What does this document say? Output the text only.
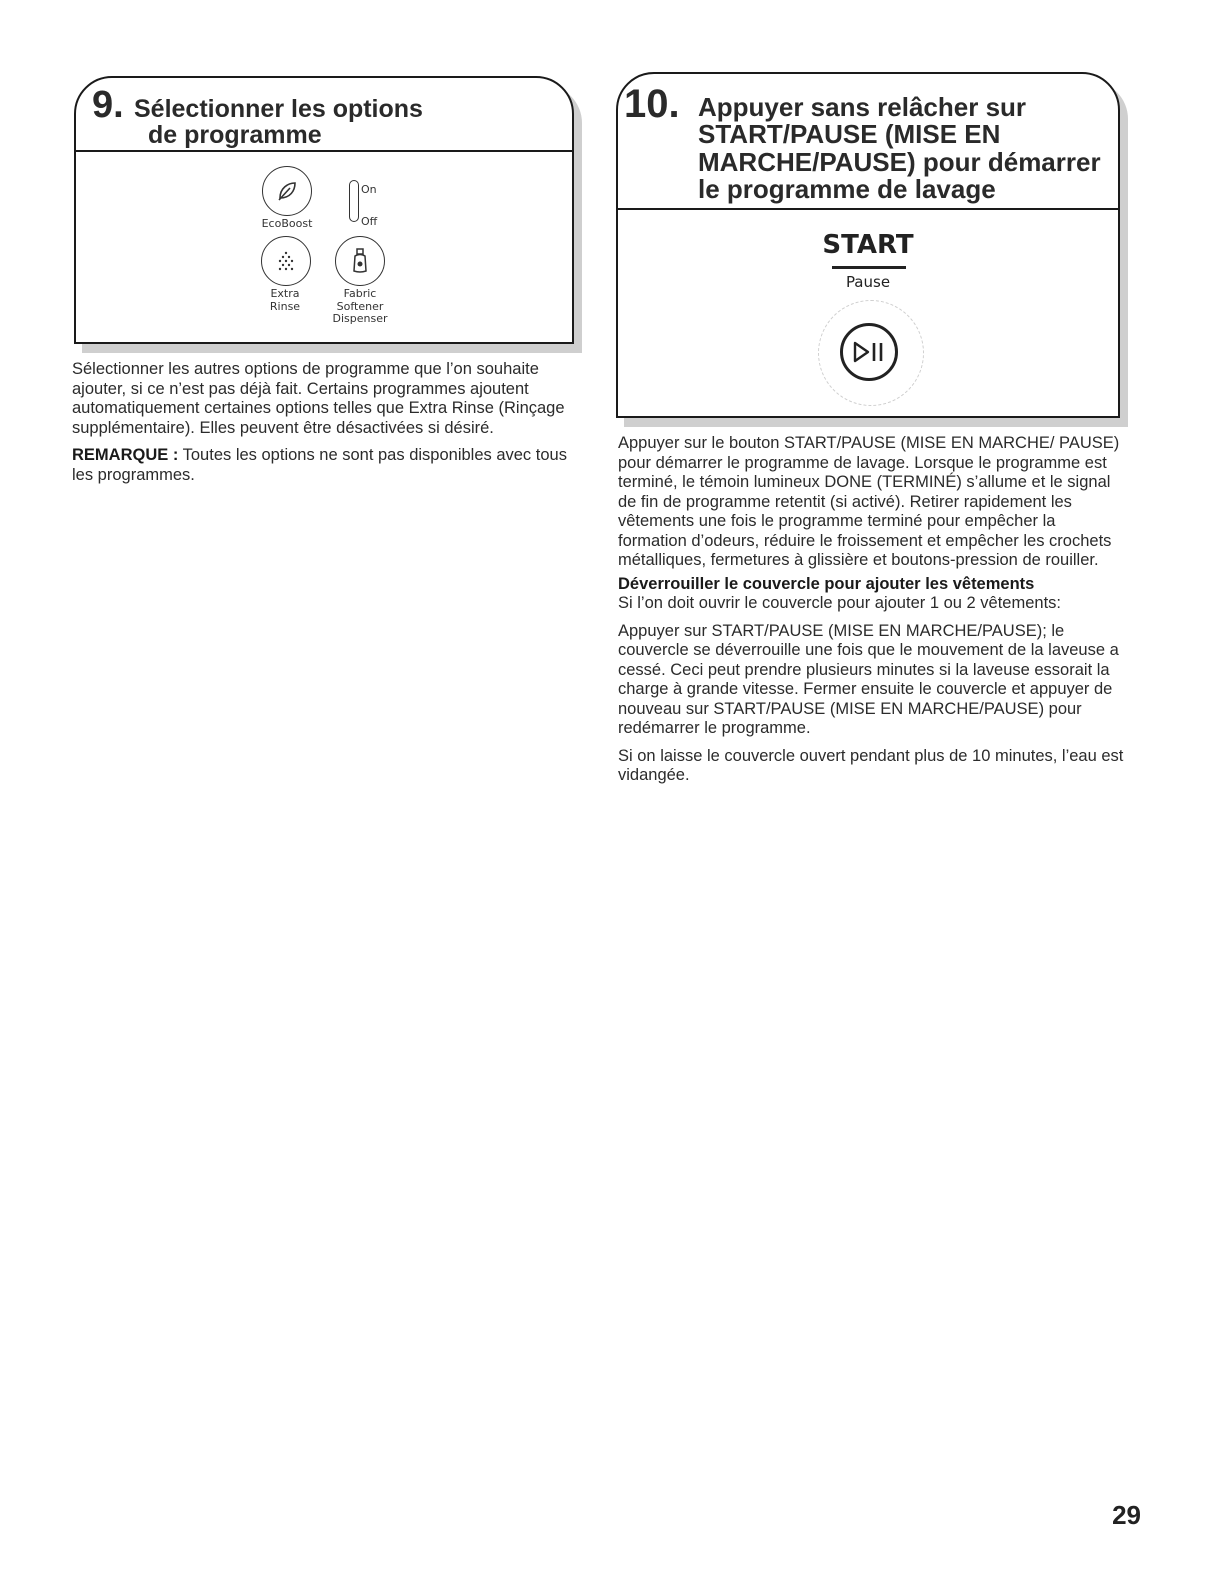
9. Sélectionner les options
de programme
EcoBoost
On
Off
Extra
Rinse
Fabric
Softener
Dispenser

Sélectionner les autres options de programme que l’on souhaite ajouter, si ce n’est pas déjà fait. Certains programmes ajoutent automatiquement certaines options telles que Extra Rinse (Rinçage supplémentaire). Elles peuvent être désactivées si désiré.

REMARQUE : Toutes les options ne sont pas disponibles avec tous les programmes.

10. Appuyer sans relâcher sur START/PAUSE (MISE EN MARCHE/PAUSE) pour démarrer le programme de lavage
START
Pause

Appuyer sur le bouton START/PAUSE (MISE EN MARCHE/ PAUSE) pour démarrer le programme de lavage. Lorsque le programme est terminé, le témoin lumineux DONE (TERMINÉ) s’allume et le signal de fin de programme retentit (si activé). Retirer rapidement les vêtements une fois le programme terminé pour empêcher la formation d’odeurs, réduire le froissement et empêcher les crochets métalliques, fermetures à glissière et boutons-pression de rouiller.

Déverrouiller le couvercle pour ajouter les vêtements

Si l’on doit ouvrir le couvercle pour ajouter 1 ou 2 vêtements:

Appuyer sur START/PAUSE (MISE EN MARCHE/PAUSE); le couvercle se déverrouille une fois que le mouvement de la laveuse a cessé. Ceci peut prendre plusieurs minutes si la laveuse essorait la charge à grande vitesse. Fermer ensuite le couvercle et appuyer de nouveau sur START/PAUSE (MISE EN MARCHE/PAUSE) pour redémarrer le programme.

Si on laisse le couvercle ouvert pendant plus de 10 minutes, l’eau est vidangée.

29
